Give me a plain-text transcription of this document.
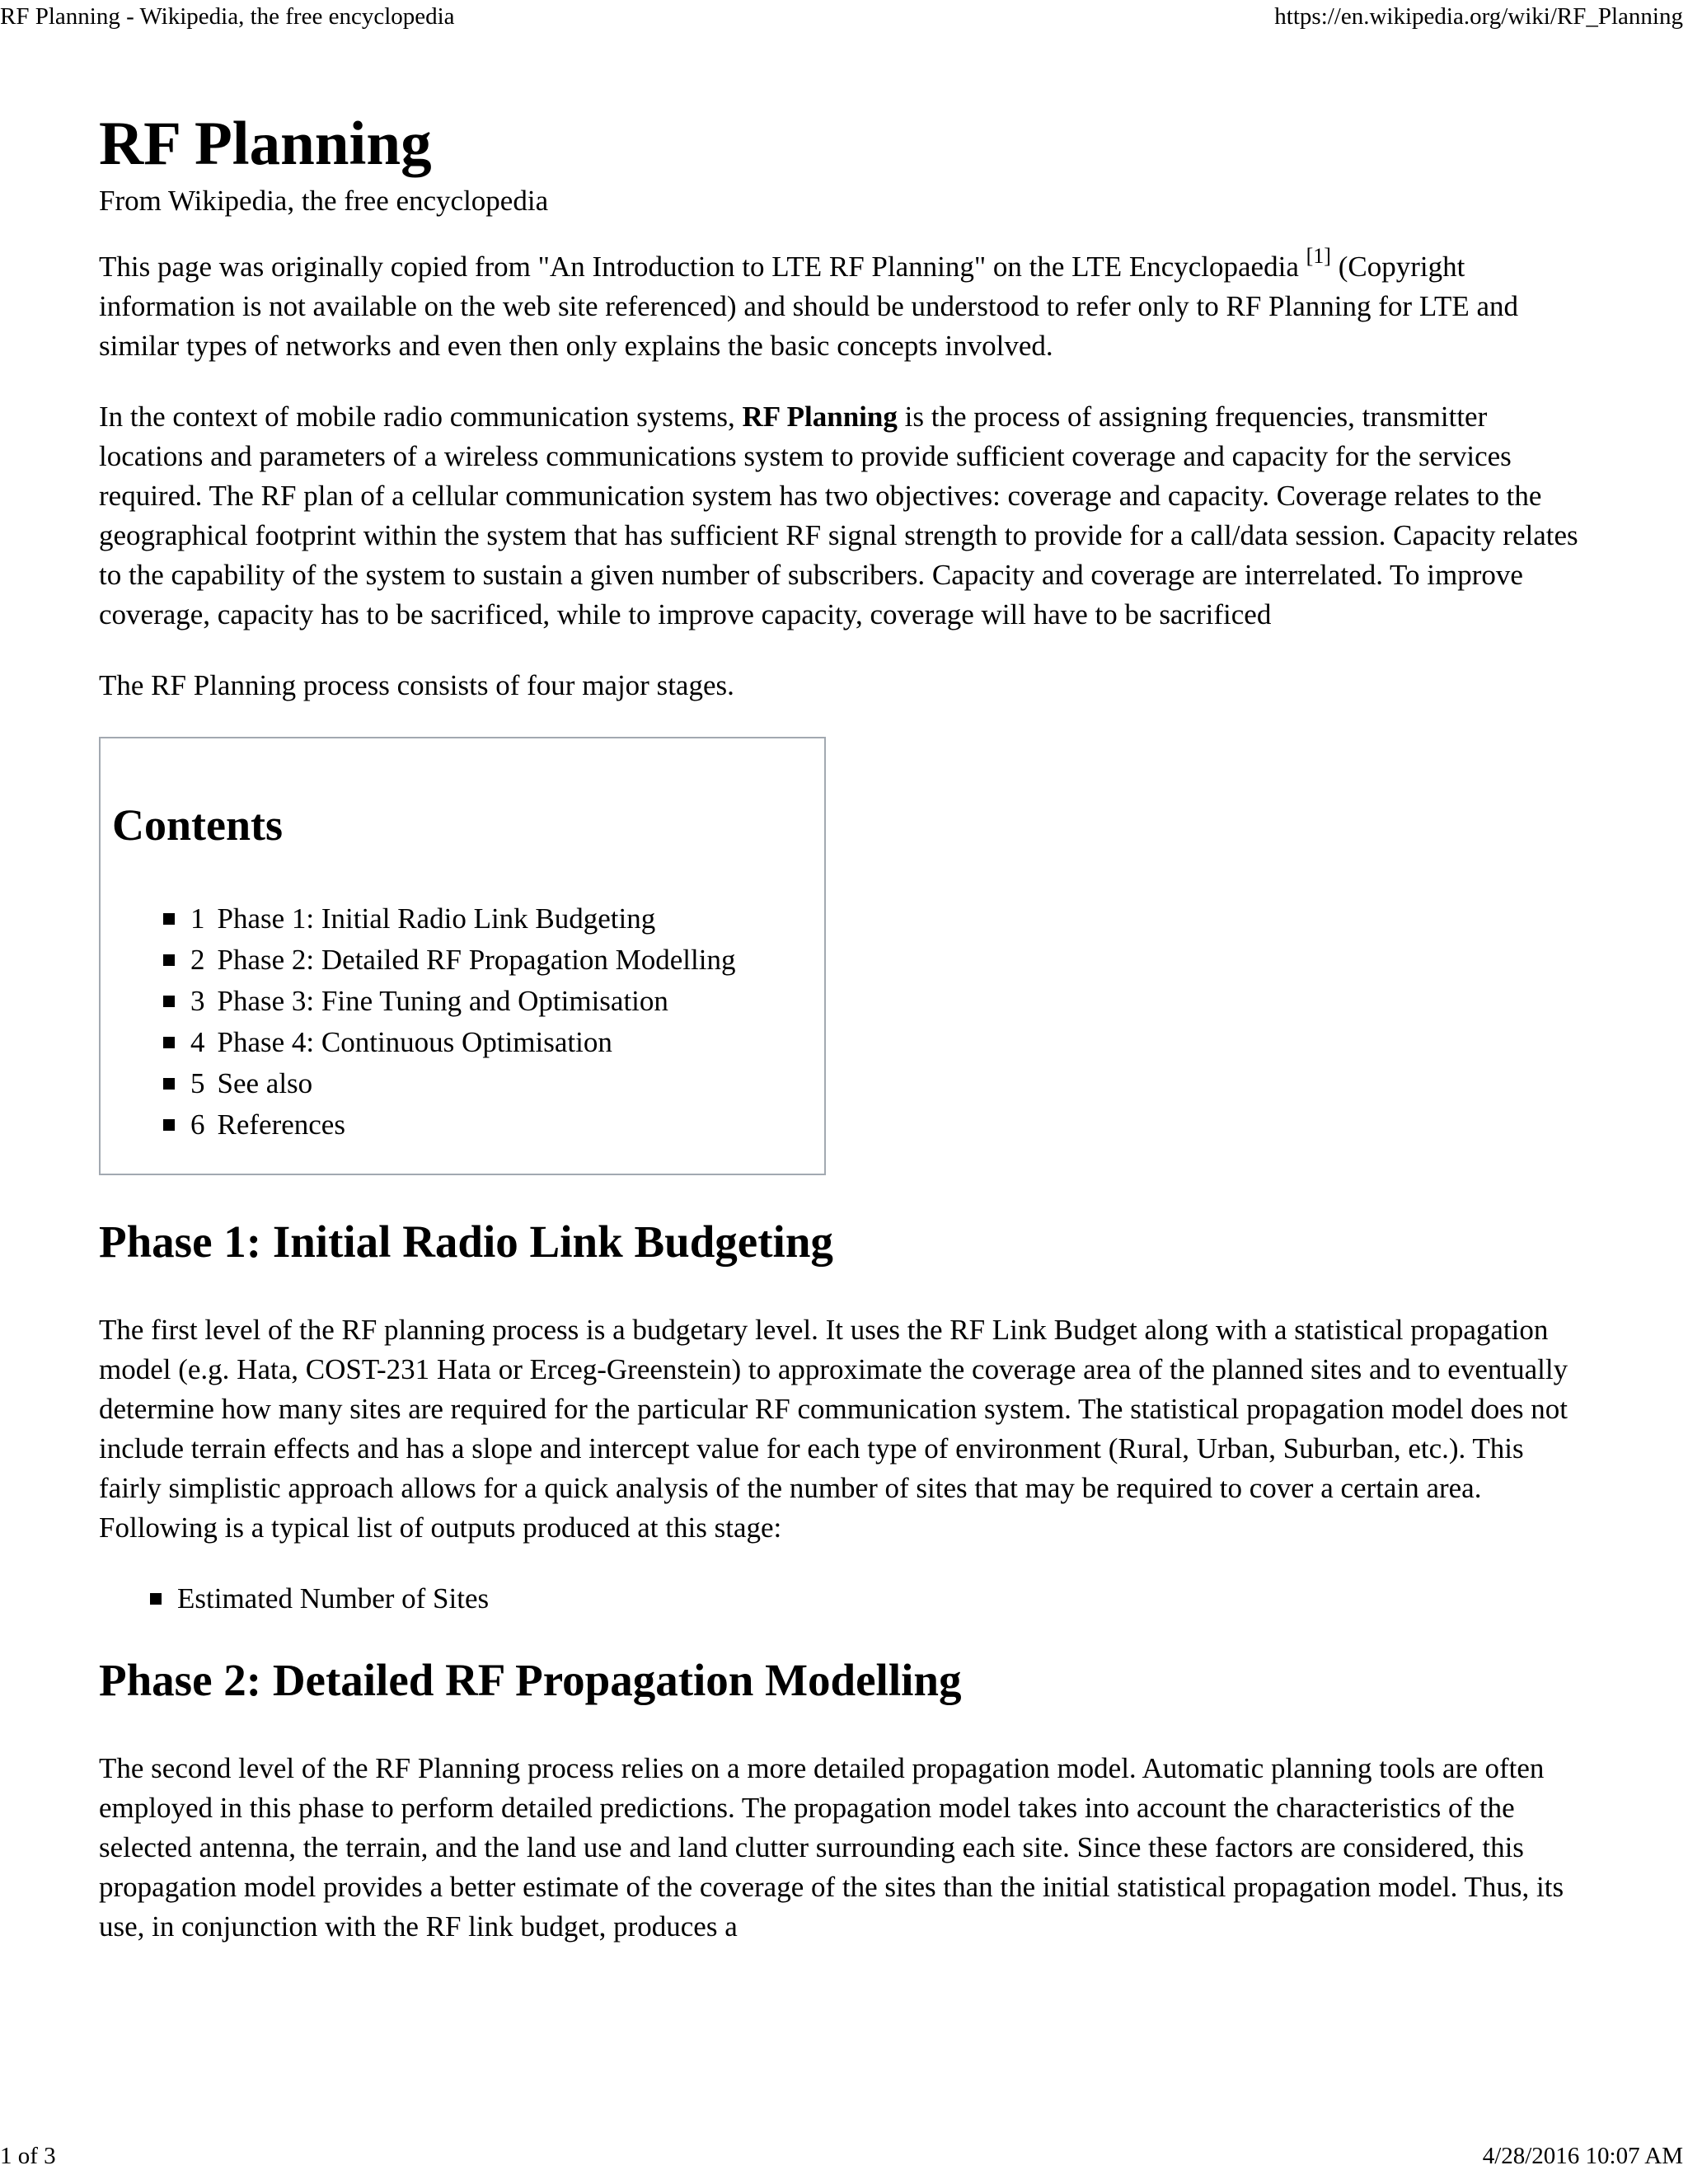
RF Planning - Wikipedia, the free encyclopedia	https://en.wikipedia.org/wiki/RF_Planning
RF Planning
From Wikipedia, the free encyclopedia

This page was originally copied from "An Introduction to LTE RF Planning" on the LTE Encyclopaedia [1] (Copyright information is not available on the web site referenced) and should be understood to refer only to RF Planning for LTE and similar types of networks and even then only explains the basic concepts involved.

In the context of mobile radio communication systems, RF Planning is the process of assigning frequencies, transmitter locations and parameters of a wireless communications system to provide sufficient coverage and capacity for the services required. The RF plan of a cellular communication system has two objectives: coverage and capacity. Coverage relates to the geographical footprint within the system that has sufficient RF signal strength to provide for a call/data session. Capacity relates to the capability of the system to sustain a given number of subscribers. Capacity and coverage are interrelated. To improve coverage, capacity has to be sacrificed, while to improve capacity, coverage will have to be sacrificed

The RF Planning process consists of four major stages.

Contents
1 Phase 1: Initial Radio Link Budgeting
2 Phase 2: Detailed RF Propagation Modelling
3 Phase 3: Fine Tuning and Optimisation
4 Phase 4: Continuous Optimisation
5 See also
6 References
Phase 1: Initial Radio Link Budgeting

The first level of the RF planning process is a budgetary level. It uses the RF Link Budget along with a statistical propagation model (e.g. Hata, COST-231 Hata or Erceg-Greenstein) to approximate the coverage area of the planned sites and to eventually determine how many sites are required for the particular RF communication system. The statistical propagation model does not include terrain effects and has a slope and intercept value for each type of environment (Rural, Urban, Suburban, etc.). This fairly simplistic approach allows for a quick analysis of the number of sites that may be required to cover a certain area. Following is a typical list of outputs produced at this stage:

Estimated Number of Sites
Phase 2: Detailed RF Propagation Modelling

The second level of the RF Planning process relies on a more detailed propagation model. Automatic planning tools are often employed in this phase to perform detailed predictions. The propagation model takes into account the characteristics of the selected antenna, the terrain, and the land use and land clutter surrounding each site. Since these factors are considered, this propagation model provides a better estimate of the coverage of the sites than the initial statistical propagation model. Thus, its use, in conjunction with the RF link budget, produces a

1 of 3	4/28/2016 10:07 AM
